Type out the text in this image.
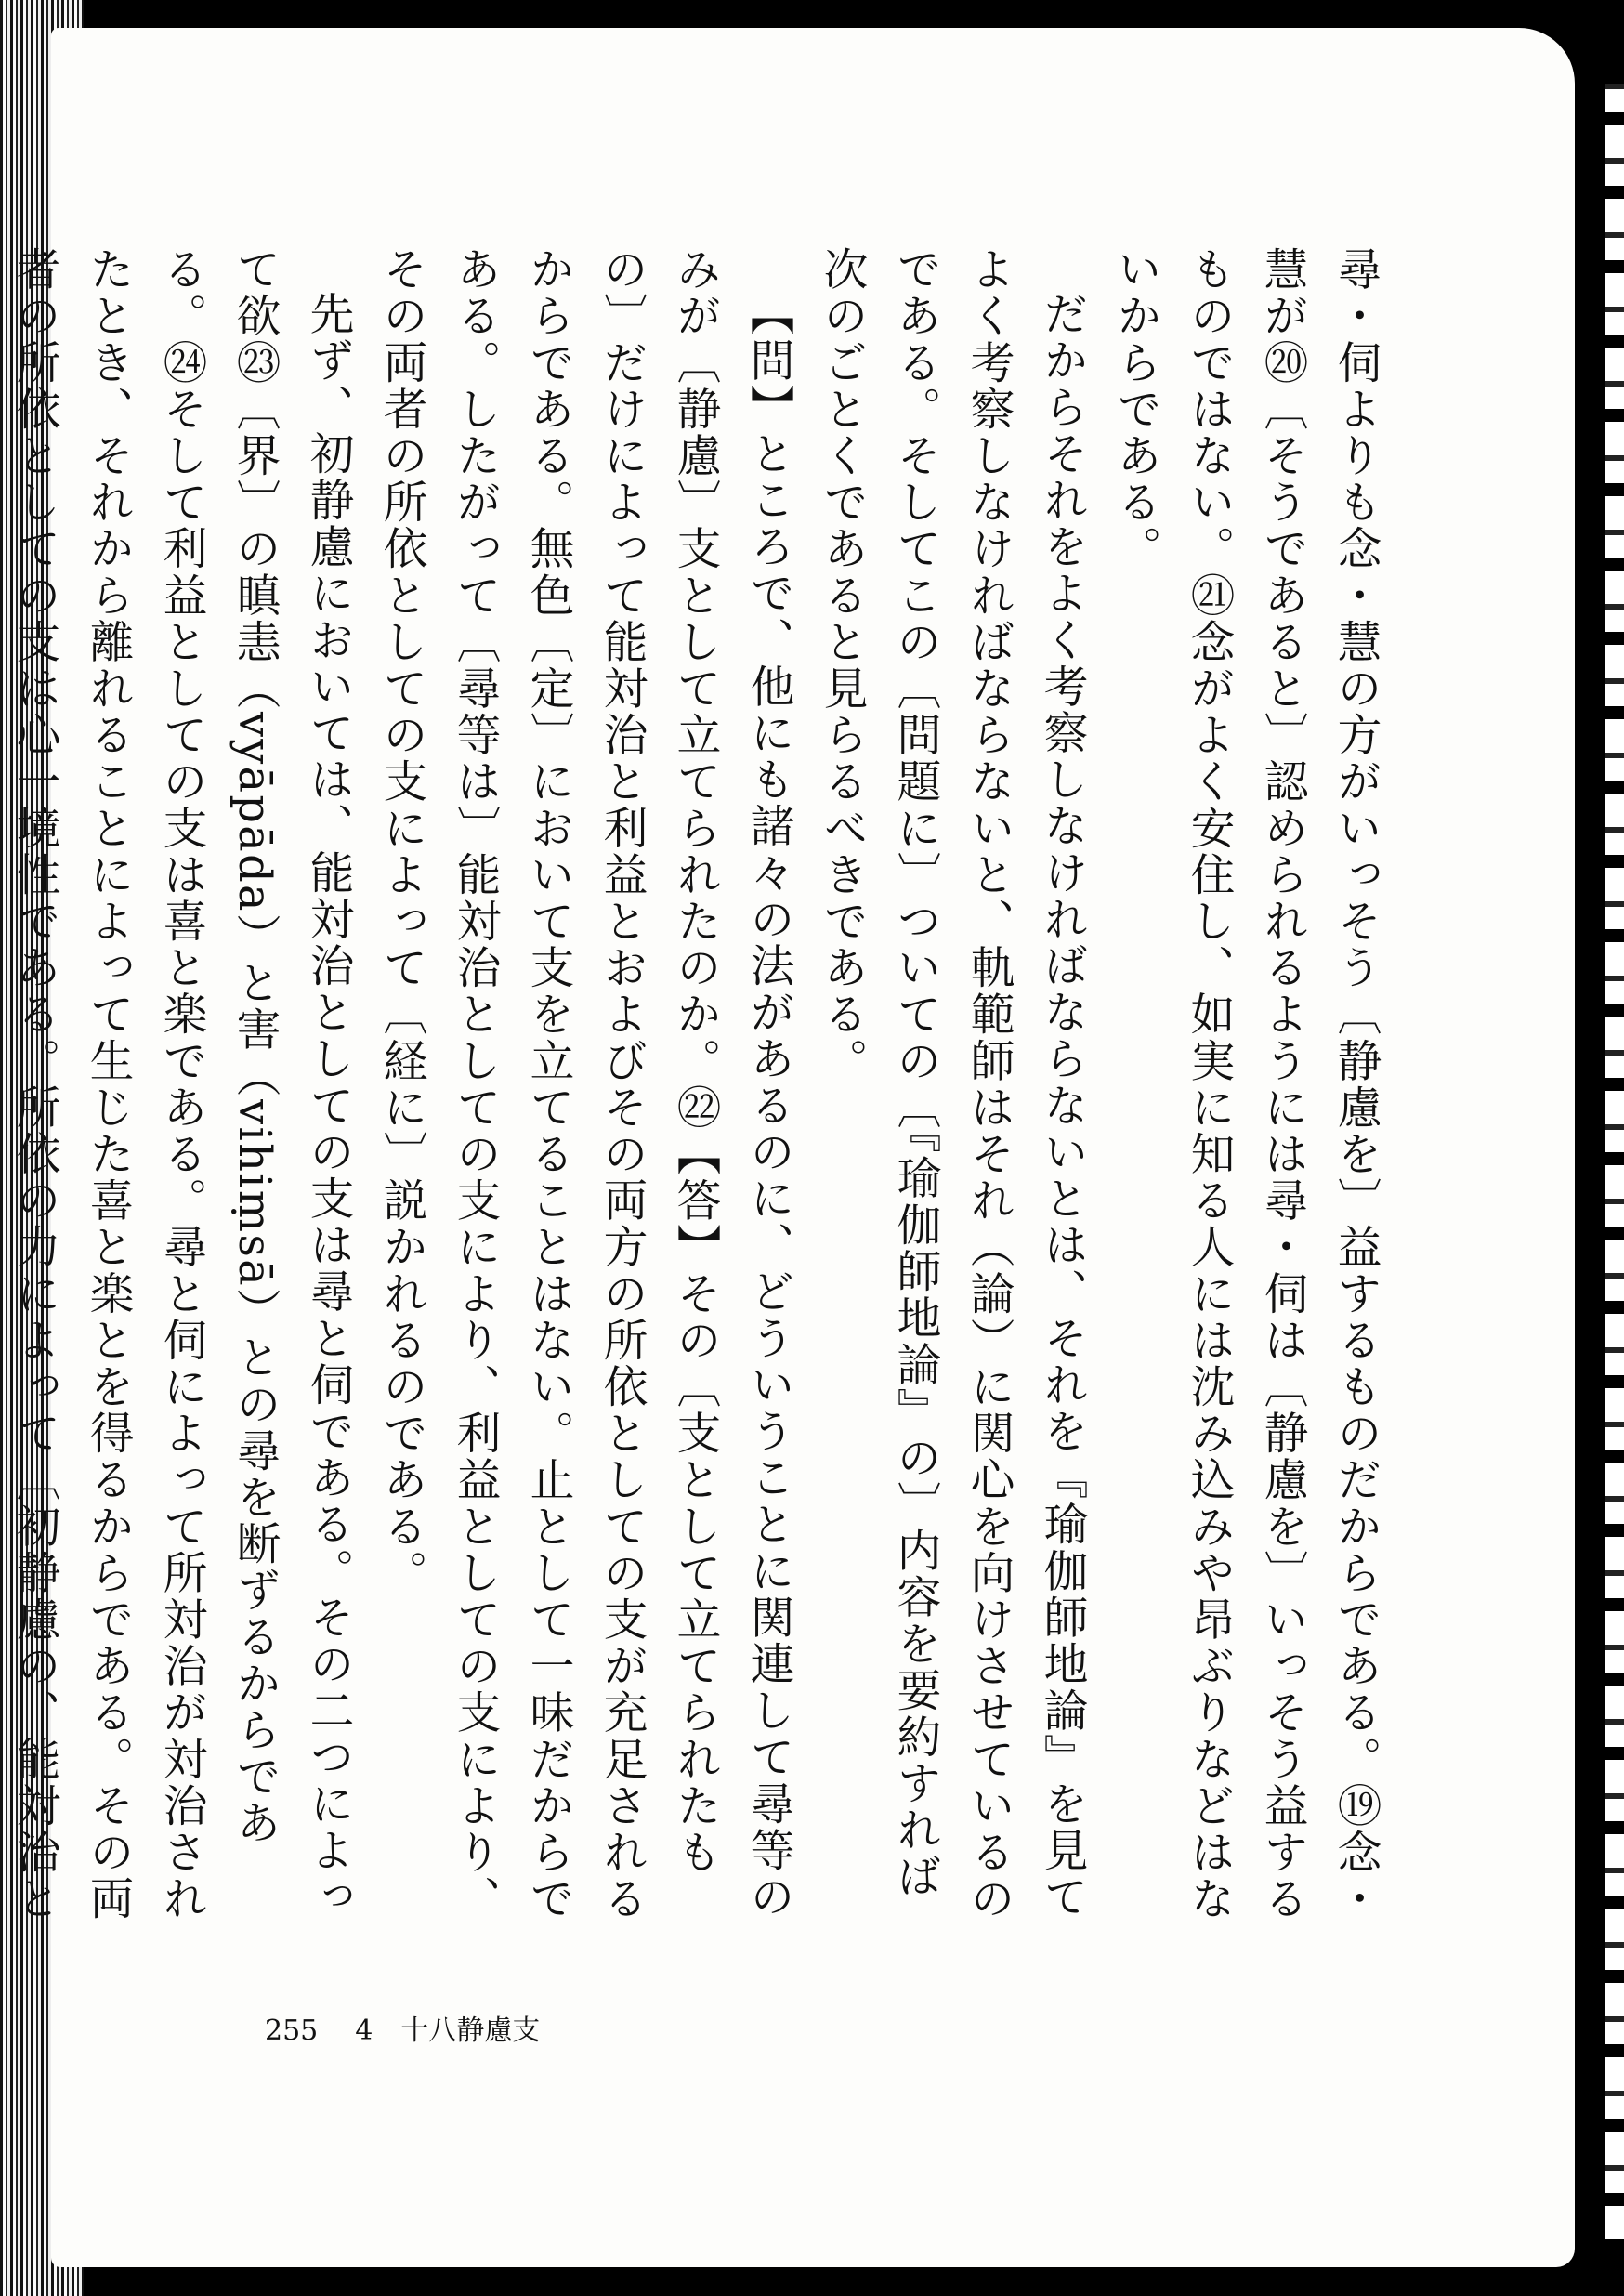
尋・伺よりも念・慧の方がいっそう〔静慮を〕益するものだからである。⑲念・慧が⑳〔そうであると〕認められるようには尋・伺は〔静慮を〕いっそう益するものではない。㉑念がよく安住し、如実に知る人には沈み込みや昂ぶりなどはないからである。

だからそれをよく考察しなければならないとは、それを『瑜伽師地論』を見てよく考察しなければならないと、軌範師はそれ（論）に関心を向けさせているのである。そしてこの〔問題に〕ついての〔『瑜伽師地論』の〕内容を要約すれば次のごとくであると見らるべきである。

【問】ところで、他にも諸々の法があるのに、どういうことに関連して尋等のみが〔静慮〕支として立てられたのか。㉒【答】その〔支として立てられたもの〕だけによって能対治と利益とおよびその両方の所依としての支が充足されるからである。無色〔定〕において支を立てることはない。止として一味だからである。したがって〔尋等は〕能対治としての支により、利益としての支により、その両者の所依としての支によって〔経に〕説かれるのである。

先ず、初静慮においては、能対治としての支は尋と伺である。その二つによって欲㉓〔界〕の瞋恚（vyāpāda）と害（vihiṃsā）との尋を断ずるからである。㉔そして利益としての支は喜と楽である。尋と伺によって所対治が対治されたとき、それから離れることによって生じた喜と楽とを得るからである。その両者の所依としての支は心一境性である。所依の力によって〔初静慮の、能対治と

255 4　十八静慮支
